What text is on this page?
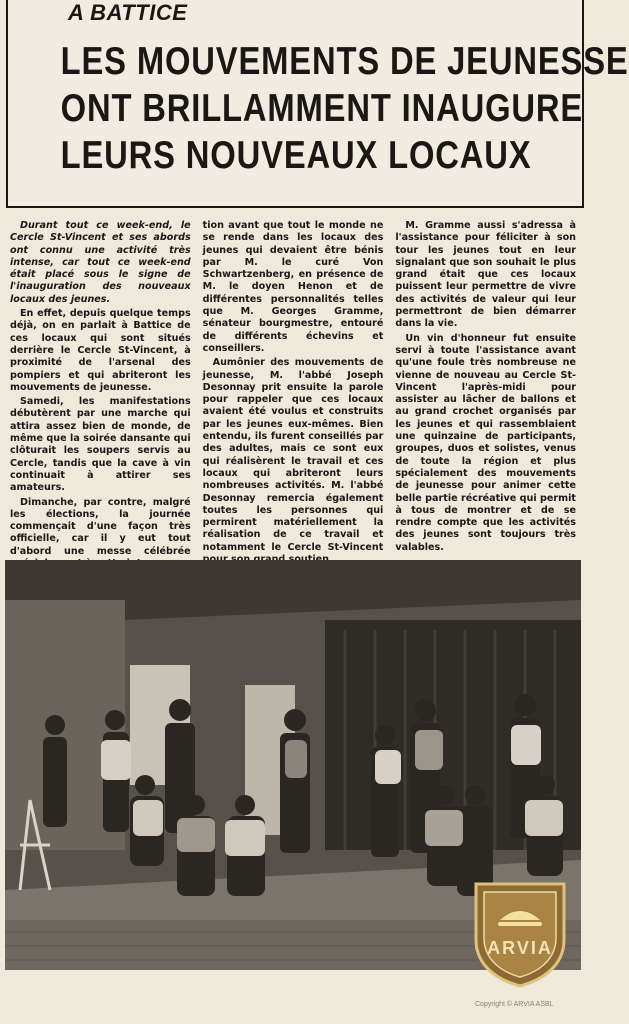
A BATTICE
LES MOUVEMENTS DE JEUNESSE
ONT BRILLAMMENT INAUGURE
LEURS NOUVEAUX LOCAUX

Durant tout ce week-end, le Cercle St-Vincent et ses abords ont connu une activité très intense, car tout ce week-end était placé sous le signe de l'inauguration des nouveaux locaux des jeunes.

En effet, depuis quelque temps déjà, on en parlait à Battice de ces locaux qui sont situés derrière le Cercle St-Vincent, à proximité de l'arsenal des pompiers et qui abriteront les mouvements de jeunesse.

Samedi, les manifestations débutèrent par une marche qui attira assez bien de monde, de même que la soirée dansante qui clôturait les soupers servis au Cercle, tandis que la cave à vin continuait à attirer ses amateurs.

Dimanche, par contre, malgré les élections, la journée commençait d'une façon très officielle, car il y eut tout d'abord une messe célébrée

tion avant que tout le monde ne se rende dans les locaux des jeunes qui devaient être bénis par M. le curé Von Schwartzenberg, en présence de M. le doyen Henon et de différentes personnalités telles que M. Georges Gramme, sénateur bourgmestre, entouré de différents échevins et conseillers.

Aumônier des mouvements de jeunesse, M. l'abbé Joseph Desonnay prit ensuite la parole pour rappeler que ces locaux avaient été voulus et construits par les jeunes eux-mêmes. Bien entendu, ils furent conseillés par des adultes, mais ce sont eux qui réalisèrent le travail et ces locaux qui abriteront leurs nombreuses activités. M. l'abbé Desonnay remercia également toutes les personnes qui permirent matériellement la réalisation de ce travail et notamment le Cercle St-Vincent

M. Gramme aussi s'adressa à l'assistance pour féliciter à son tour les jeunes tout en leur signalant que son souhait le plus grand était que ces locaux puissent leur permettre de vivre des activités de valeur qui leur permettront de bien démarrer dans la vie.

Un vin d'honneur fut ensuite servi à toute l'assistance avant qu'une foule très nombreuse ne vienne de nouveau au Cercle St-Vincent l'après-midi pour assister au lâcher de ballons et au grand crochet organisés par les jeunes et qui rassemblaient une quinzaine de participants, groupes, duos et solistes, venus de toute la région et plus spécialement des mouvements de jeunesse pour animer cette belle partie récréative qui permit à tous de montrer et de se rendre compte que les activités des jeunes sont toujours très valables.

ARVIA
Copyright © ARVIA ASBL
